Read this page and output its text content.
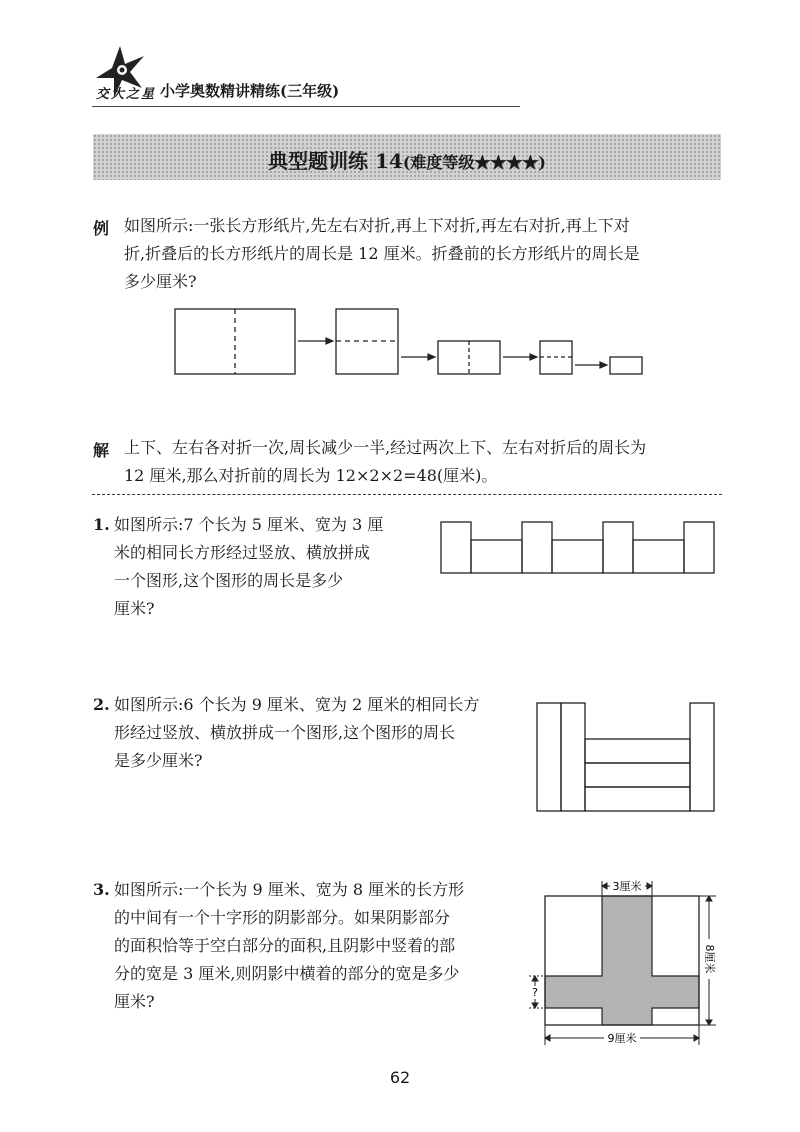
交大之星 小学奥数精讲精练(三年级)
典型题训练 14(难度等级★★★★)
例 如图所示:一张长方形纸片,先左右对折,再上下对折,再左右对折,再上下对
折,折叠后的长方形纸片的周长是 12 厘米。折叠前的长方形纸片的周长是
多少厘米?
解 上下、左右各对折一次,周长减少一半,经过两次上下、左右对折后的周长为
12 厘米,那么对折前的周长为 12×2×2=48(厘米)。
1. 如图所示:7 个长为 5 厘米、宽为 3 厘
米的相同长方形经过竖放、横放拼成
一个图形,这个图形的周长是多少
厘米?
2. 如图所示:6 个长为 9 厘米、宽为 2 厘米的相同长方
形经过竖放、横放拼成一个图形,这个图形的周长
是多少厘米?
3. 如图所示:一个长为 9 厘米、宽为 8 厘米的长方形
的中间有一个十字形的阴影部分。如果阴影部分
的面积恰等于空白部分的面积,且阴影中竖着的部
分的宽是 3 厘米,则阴影中横着的部分的宽是多少
厘米?
3厘米
8厘米
?
9厘米
62
